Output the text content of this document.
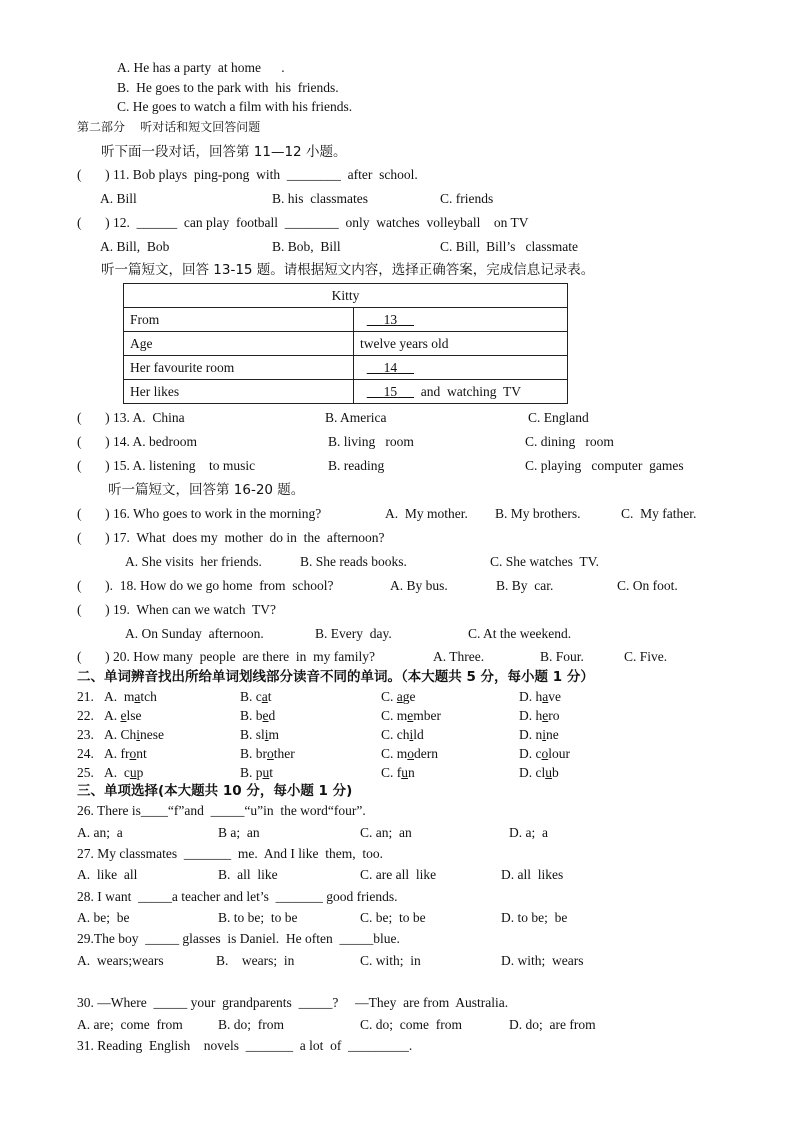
A. He has a party  at home      .
B.  He goes to the park with  his  friends.
C. He goes to watch a film with his friends.
第二部分    听对话和短文回答问题
听下面一段对话，回答第 11—12 小题。
(       ) 11. Bob plays  ping-pong  with  ________  after  school.
A. Bill	B. his  classmates	C. friends
(       ) 12.  ______  can play  football  ________  only  watches  volleyball    on TV
A. Bill,  Bob	B. Bob,  Bill	C. Bill,  Bill’s   classmate
听一篇短文，回答 13-15 题。请根据短文内容，选择正确答案，完成信息记录表。
Kitty	
From	13
Age	twelve years old
Her favourite room	14
Her likes	15       and  watching  TV
(       ) 13. A.  China	B. America	C. England
(       ) 14. A. bedroom	B. living   room	C. dining   room
(       ) 15. A. listening    to music	B. reading	C. playing   computer  games
听一篇短文，回答第 16-20 题。
(       ) 16. Who goes to work in the morning?	A.  My mother. B. My brothers.	C.  My father.
(       ) 17.  What  does my  mother  do in  the  afternoon?
A. She visits  her friends.	B. She reads books.	C. She watches  TV.
(       ).  18. How do we go home  from  school?	A. By bus.	B. By  car.	C. On foot.
(       ) 19.  When can we watch  TV?
A. On Sunday  afternoon.	B. Every  day.	C. At the weekend.
(       ) 20. How many  people  are there  in  my family?	A. Three.	B. Four.	C. Five.
二、单词辨音找出所给单词划线部分读音不同的单词。（本大题共 5 分，每小题 1 分）
21. A.  match	B. cat	C. age	D. have
22. A. else	B. bed	C. member	D. hero
23. A. Chinese	B. slim	C. child	D. nine
24. A. front	B. brother	C. modern	D. colour
25. A.  cup	B. put	C. fun	D. club
三、单项选择(本大题共 10 分，每小题 1 分)
26. There is____“f”and  _____“u”in  the word“four”.
A. an;  a	B a;  an	C. an;  an	D. a;  a
27. My classmates  _______  me.  And I like  them,  too.
A.  like  all	B.  all  like	C. are all  like	D. all  likes
28. I want  _____a teacher and let’s  _______ good friends.
A. be;  be	B. to be;  to be	C. be;  to be	D. to be;  be
29.The boy  _____ glasses  is Daniel.  He often  _____blue.
A.  wears;wears	B.    wears;  in	C. with;  in	D. with;  wears
30. —Where  _____ your  grandparents  _____?     —They  are from  Australia.
A. are;  come  from	B. do;  from	C. do;  come  from	D. do;  are from
31. Reading  English    novels  _______  a lot  of  _________.
